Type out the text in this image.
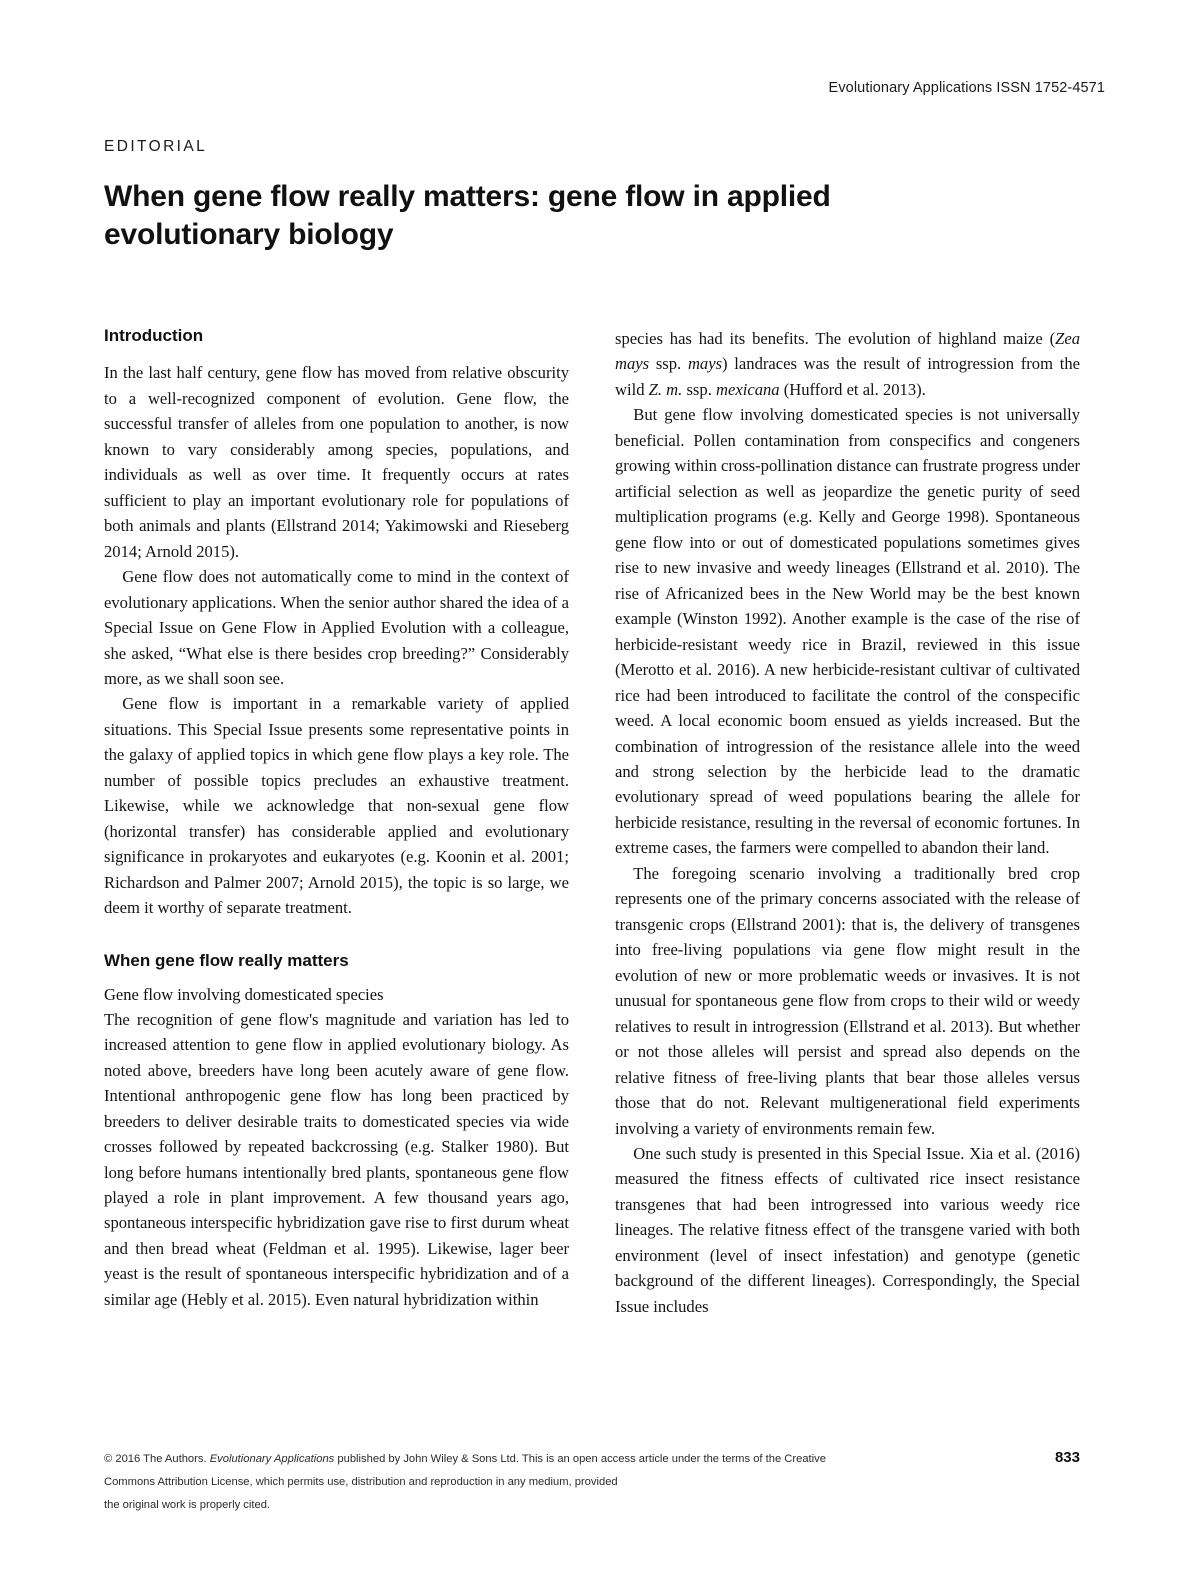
Evolutionary Applications ISSN 1752-4571
EDITORIAL
When gene flow really matters: gene flow in applied evolutionary biology
Introduction

In the last half century, gene flow has moved from relative obscurity to a well-recognized component of evolution. Gene flow, the successful transfer of alleles from one population to another, is now known to vary considerably among species, populations, and individuals as well as over time. It frequently occurs at rates sufficient to play an important evolutionary role for populations of both animals and plants (Ellstrand 2014; Yakimowski and Rieseberg 2014; Arnold 2015).

Gene flow does not automatically come to mind in the context of evolutionary applications. When the senior author shared the idea of a Special Issue on Gene Flow in Applied Evolution with a colleague, she asked, “What else is there besides crop breeding?” Considerably more, as we shall soon see.

Gene flow is important in a remarkable variety of applied situations. This Special Issue presents some representative points in the galaxy of applied topics in which gene flow plays a key role. The number of possible topics precludes an exhaustive treatment. Likewise, while we acknowledge that non-sexual gene flow (horizontal transfer) has considerable applied and evolutionary significance in prokaryotes and eukaryotes (e.g. Koonin et al. 2001; Richardson and Palmer 2007; Arnold 2015), the topic is so large, we deem it worthy of separate treatment.

When gene flow really matters
Gene flow involving domesticated species

The recognition of gene flow's magnitude and variation has led to increased attention to gene flow in applied evolutionary biology. As noted above, breeders have long been acutely aware of gene flow. Intentional anthropogenic gene flow has long been practiced by breeders to deliver desirable traits to domesticated species via wide crosses followed by repeated backcrossing (e.g. Stalker 1980). But long before humans intentionally bred plants, spontaneous gene flow played a role in plant improvement. A few thousand years ago, spontaneous interspecific hybridization gave rise to first durum wheat and then bread wheat (Feldman et al. 1995). Likewise, lager beer yeast is the result of spontaneous interspecific hybridization and of a similar age (Hebly et al. 2015). Even natural hybridization within

species has had its benefits. The evolution of highland maize (Zea mays ssp. mays) landraces was the result of introgression from the wild Z. m. ssp. mexicana (Hufford et al. 2013).

But gene flow involving domesticated species is not universally beneficial. Pollen contamination from conspecifics and congeners growing within cross-pollination distance can frustrate progress under artificial selection as well as jeopardize the genetic purity of seed multiplication programs (e.g. Kelly and George 1998). Spontaneous gene flow into or out of domesticated populations sometimes gives rise to new invasive and weedy lineages (Ellstrand et al. 2010). The rise of Africanized bees in the New World may be the best known example (Winston 1992). Another example is the case of the rise of herbicide-resistant weedy rice in Brazil, reviewed in this issue (Merotto et al. 2016). A new herbicide-resistant cultivar of cultivated rice had been introduced to facilitate the control of the conspecific weed. A local economic boom ensued as yields increased. But the combination of introgression of the resistance allele into the weed and strong selection by the herbicide lead to the dramatic evolutionary spread of weed populations bearing the allele for herbicide resistance, resulting in the reversal of economic fortunes. In extreme cases, the farmers were compelled to abandon their land.

The foregoing scenario involving a traditionally bred crop represents one of the primary concerns associated with the release of transgenic crops (Ellstrand 2001): that is, the delivery of transgenes into free-living populations via gene flow might result in the evolution of new or more problematic weeds or invasives. It is not unusual for spontaneous gene flow from crops to their wild or weedy relatives to result in introgression (Ellstrand et al. 2013). But whether or not those alleles will persist and spread also depends on the relative fitness of free-living plants that bear those alleles versus those that do not. Relevant multigenerational field experiments involving a variety of environments remain few.

One such study is presented in this Special Issue. Xia et al. (2016) measured the fitness effects of cultivated rice insect resistance transgenes that had been introgressed into various weedy rice lineages. The relative fitness effect of the transgene varied with both environment (level of insect infestation) and genotype (genetic background of the different lineages). Correspondingly, the Special Issue includes

© 2016 The Authors. Evolutionary Applications published by John Wiley & Sons Ltd. This is an open access article under the terms of the Creative
Commons Attribution License, which permits use, distribution and reproduction in any medium, provided
the original work is properly cited.
833
